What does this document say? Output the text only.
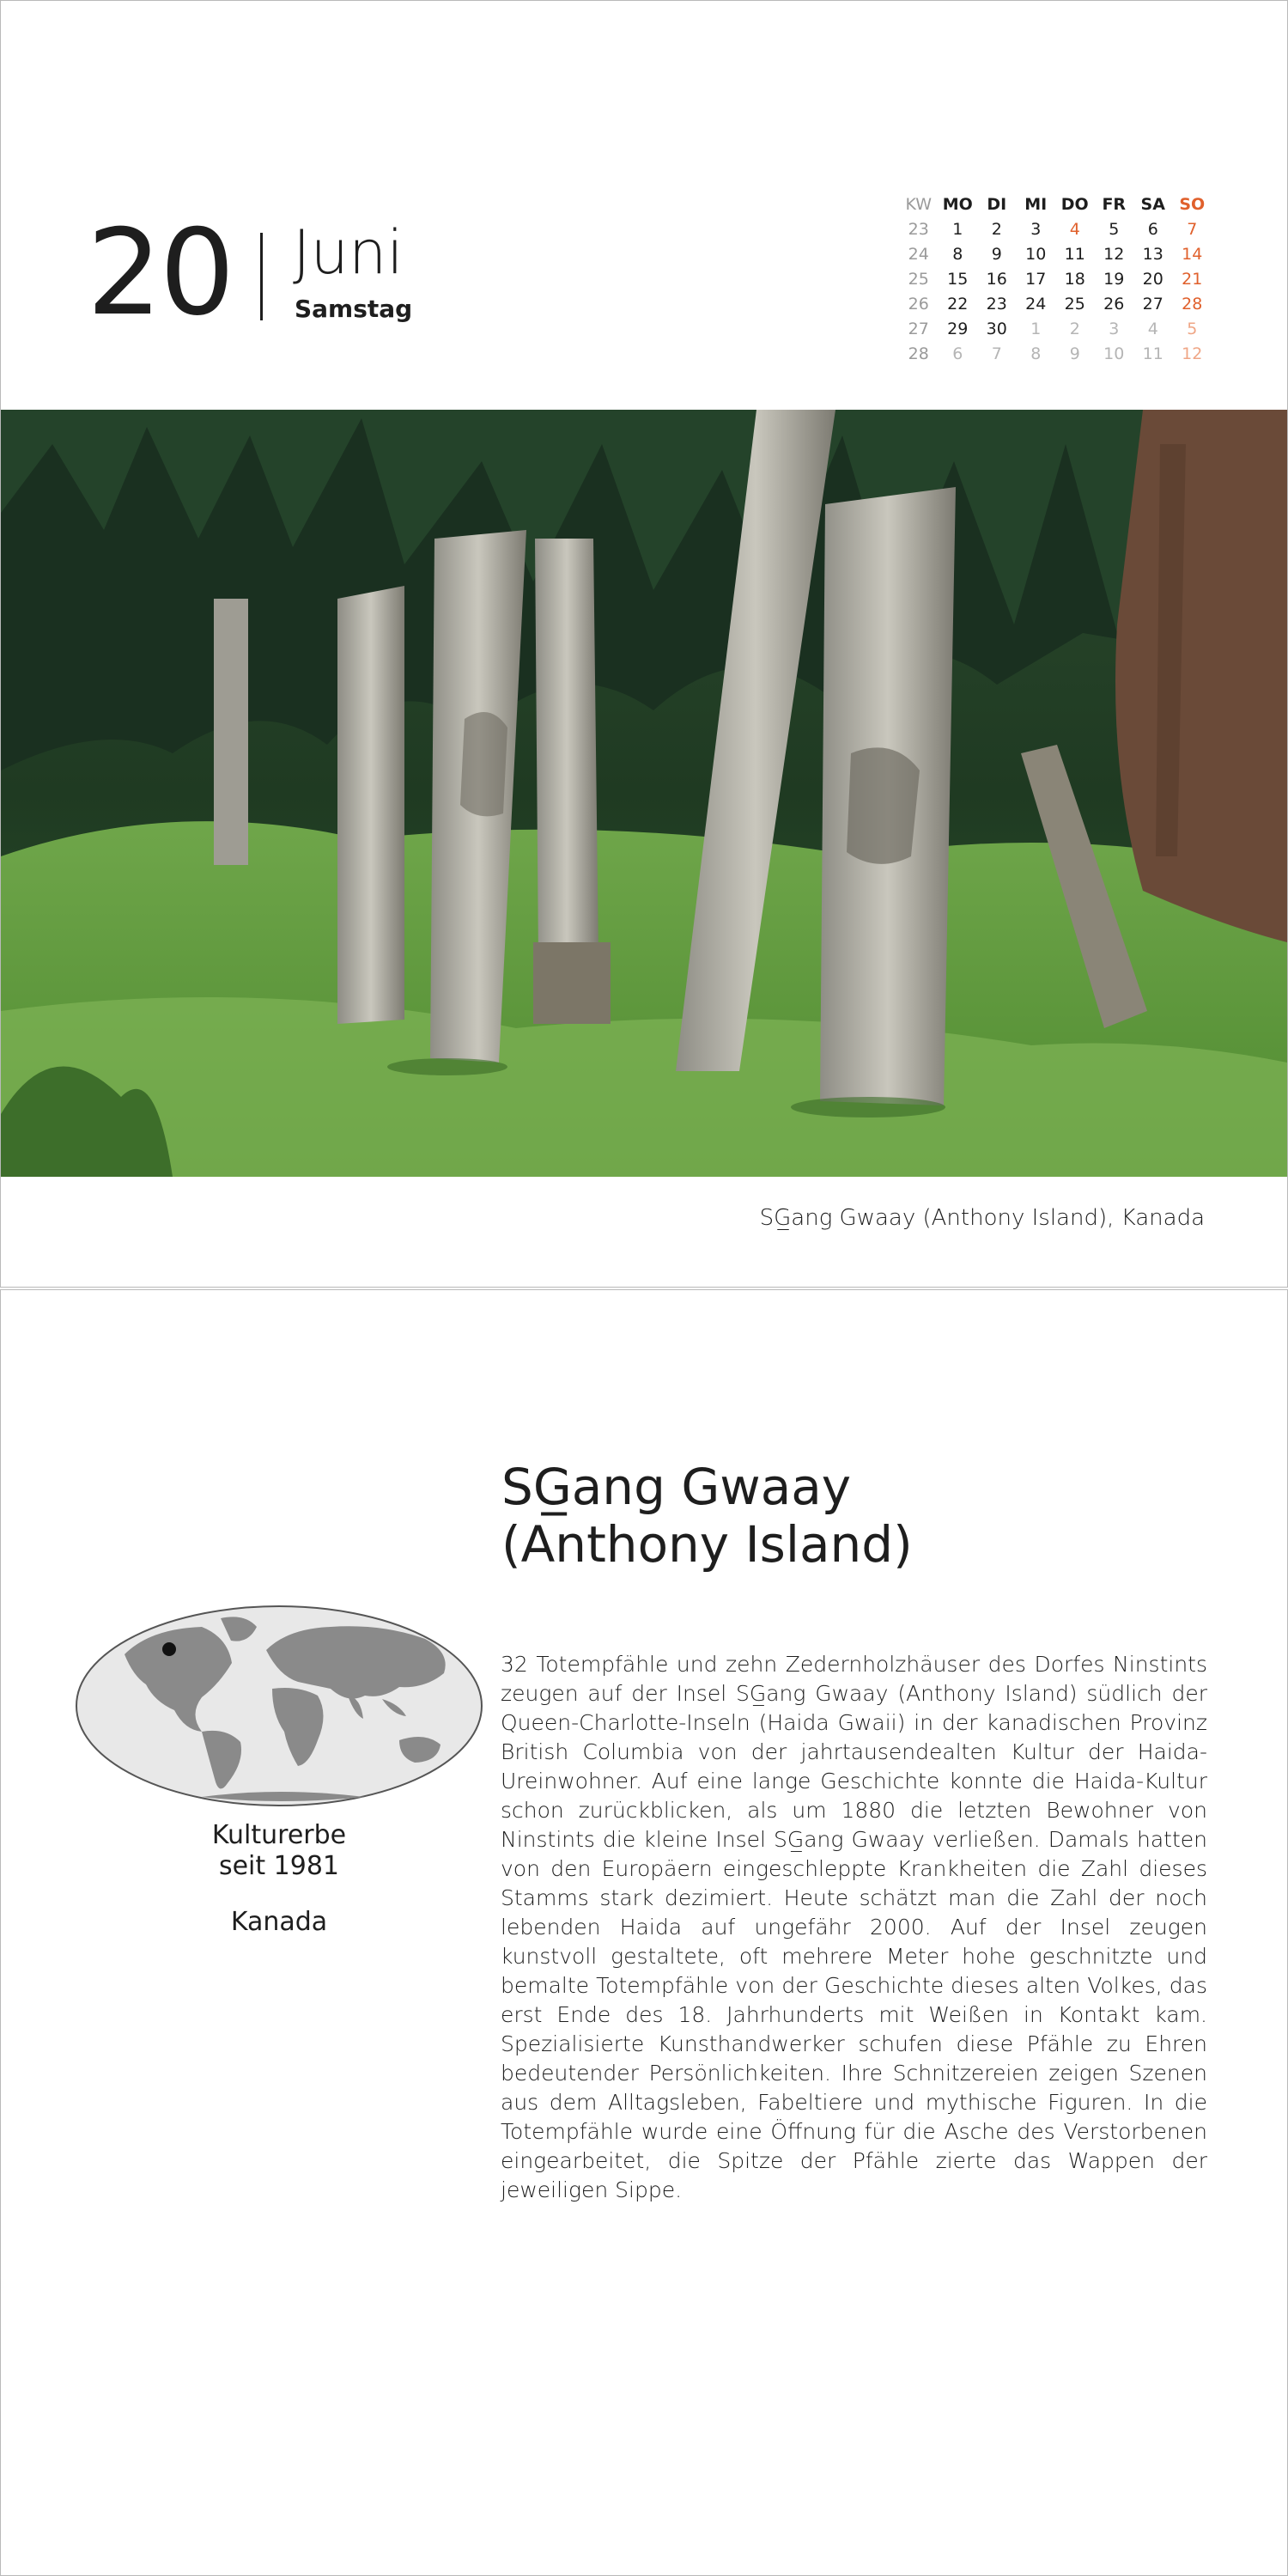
20 Juni
Samstag
KW	MO	DI	MI	DO	FR	SA	SO
23	1	2	3	4	5	6	7
24	8	9	10	11	12	13	14
25	15	16	17	18	19	20	21
26	22	23	24	25	26	27	28
27	29	30	1	2	3	4	5
28	6	7	8	9	10	11	12
SG̲ang Gwaay (Anthony Island), Kanada
SG̲ang Gwaay
(Anthony Island)
Kulturerbe
seit 1981
Kanada

32 Totempfähle und zehn Zedernholzhäuser des Dorfes Ninstints zeugen auf der Insel SG̲ang Gwaay (Anthony Island) südlich der Queen-Charlotte-Inseln (Haida Gwaii) in der kanadischen Provinz British Columbia von der jahrtausendealten Kultur der Haida-Ureinwohner. Auf eine lange Geschichte konnte die Haida-Kultur schon zurückblicken, als um 1880 die letzten Bewohner von Ninstints die kleine Insel SG̲ang Gwaay verließen. Damals hatten von den Europäern eingeschleppte Krankheiten die Zahl dieses Stamms stark dezimiert. Heute schätzt man die Zahl der noch lebenden Haida auf ungefähr 2000. Auf der Insel zeugen kunstvoll gestaltete, oft mehrere Meter hohe geschnitzte und bemalte Totempfähle von der Geschichte dieses alten Volkes, das erst Ende des 18. Jahrhunderts mit Weißen in Kontakt kam. Spezialisierte Kunsthandwerker schufen diese Pfähle zu Ehren bedeutender Persönlichkeiten. Ihre Schnitzereien zeigen Szenen aus dem Alltagsleben, Fabeltiere und mythische Figuren. In die Totempfähle wurde eine Öffnung für die Asche des Verstorbenen eingearbeitet, die Spitze der Pfähle zierte das Wappen der jeweiligen Sippe.
